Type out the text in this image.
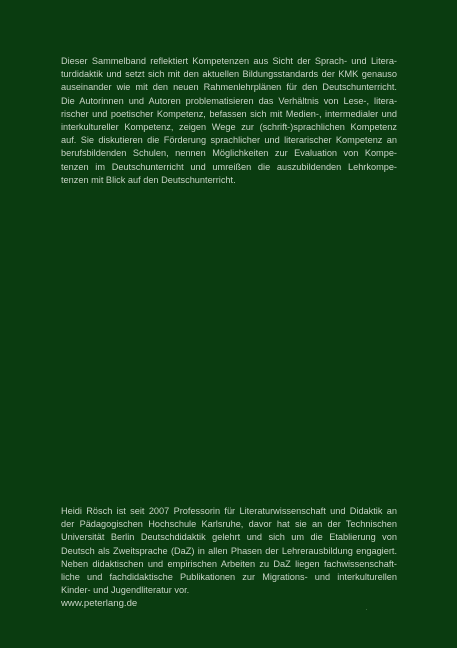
Dieser Sammelband reflektiert Kompetenzen aus Sicht der Sprach- und Litera-
turdidaktik und setzt sich mit den aktuellen Bildungsstandards der KMK genauso
auseinander wie mit den neuen Rahmenlehrplänen für den Deutschunterricht.
Die Autorinnen und Autoren problematisieren das Verhältnis von Lese-, litera-
rischer und poetischer Kompetenz, befassen sich mit Medien-, intermedialer und
interkultureller Kompetenz, zeigen Wege zur (schrift-)sprachlichen Kompetenz
auf. Sie diskutieren die Förderung sprachlicher und literarischer Kompetenz an
berufsbildenden Schulen, nennen Möglichkeiten zur Evaluation von Kompe-
tenzen im Deutschunterricht und umreißen die auszubildenden Lehrkompe-
tenzen mit Blick auf den Deutschunterricht.
Heidi Rösch ist seit 2007 Professorin für Literaturwissenschaft und Didaktik an
der Pädagogischen Hochschule Karlsruhe, davor hat sie an der Technischen
Universität Berlin Deutschdidaktik gelehrt und sich um die Etablierung von
Deutsch als Zweitsprache (DaZ) in allen Phasen der Lehrerausbildung engagiert.
Neben didaktischen und empirischen Arbeiten zu DaZ liegen fachwissenschaft-
liche und fachdidaktische Publikationen zur Migrations- und interkulturellen
Kinder- und Jugendliteratur vor.
www.peterlang.de
